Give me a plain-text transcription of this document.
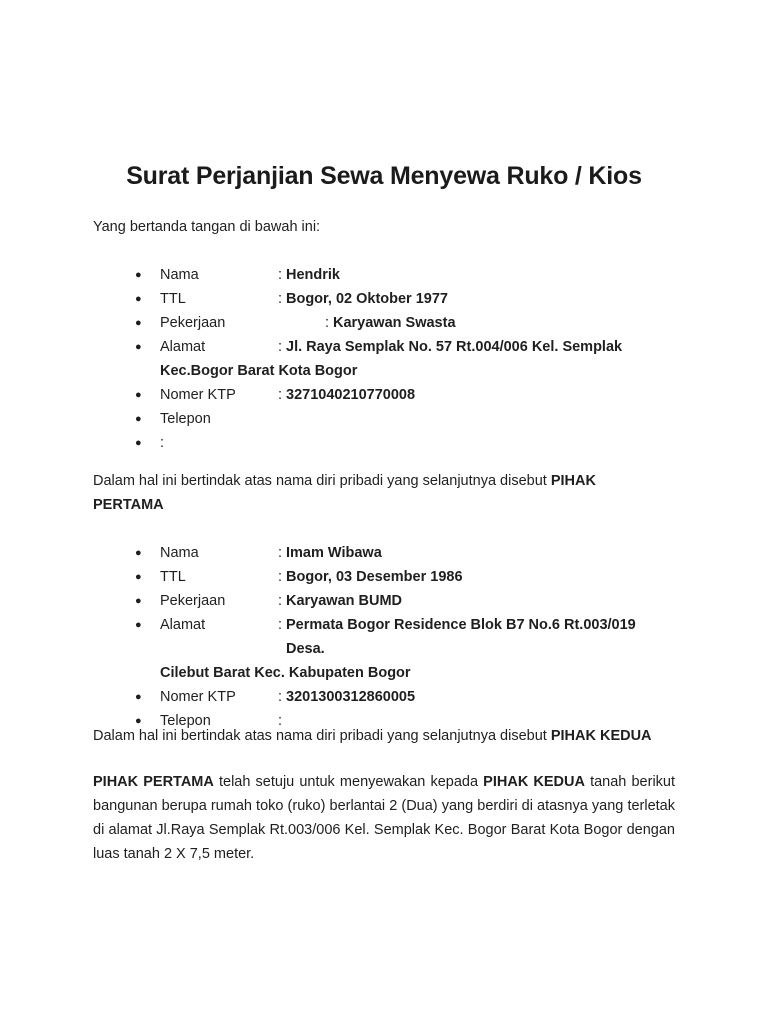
Surat Perjanjian Sewa Menyewa Ruko / Kios
Yang bertanda tangan di bawah ini:
● Nama	: Hendrik
● TTL	: Bogor, 02 Oktober 1977
● Pekerjaan	: Karyawan Swasta
● Alamat	: Jl. Raya Semplak No. 57 Rt.004/006 Kel. Semplak
Kec.Bogor Barat Kota Bogor
● Nomer KTP	: 3271040210770008
● Telepon

● :

Dalam hal ini bertindak atas nama diri pribadi yang selanjutnya disebut PIHAK
PERTAMA
● Nama	: Imam Wibawa
● TTL	: Bogor, 03 Desember 1986
● Pekerjaan	: Karyawan BUMD
● Alamat	: Permata Bogor Residence Blok B7 No.6 Rt.003/019 Desa.
Cilebut Barat Kec. Kabupaten Bogor
● Nomer KTP	: 3201300312860005
● Telepon	:

Dalam hal ini bertindak atas nama diri pribadi yang selanjutnya disebut PIHAK KEDUA
PIHAK PERTAMA telah setuju untuk menyewakan kepada PIHAK KEDUA tanah berikut bangunan berupa rumah toko (ruko) berlantai 2 (Dua) yang berdiri di atasnya yang terletak di alamat Jl.Raya Semplak Rt.003/006 Kel. Semplak Kec. Bogor Barat Kota Bogor dengan luas tanah 2 X 7,5 meter.
